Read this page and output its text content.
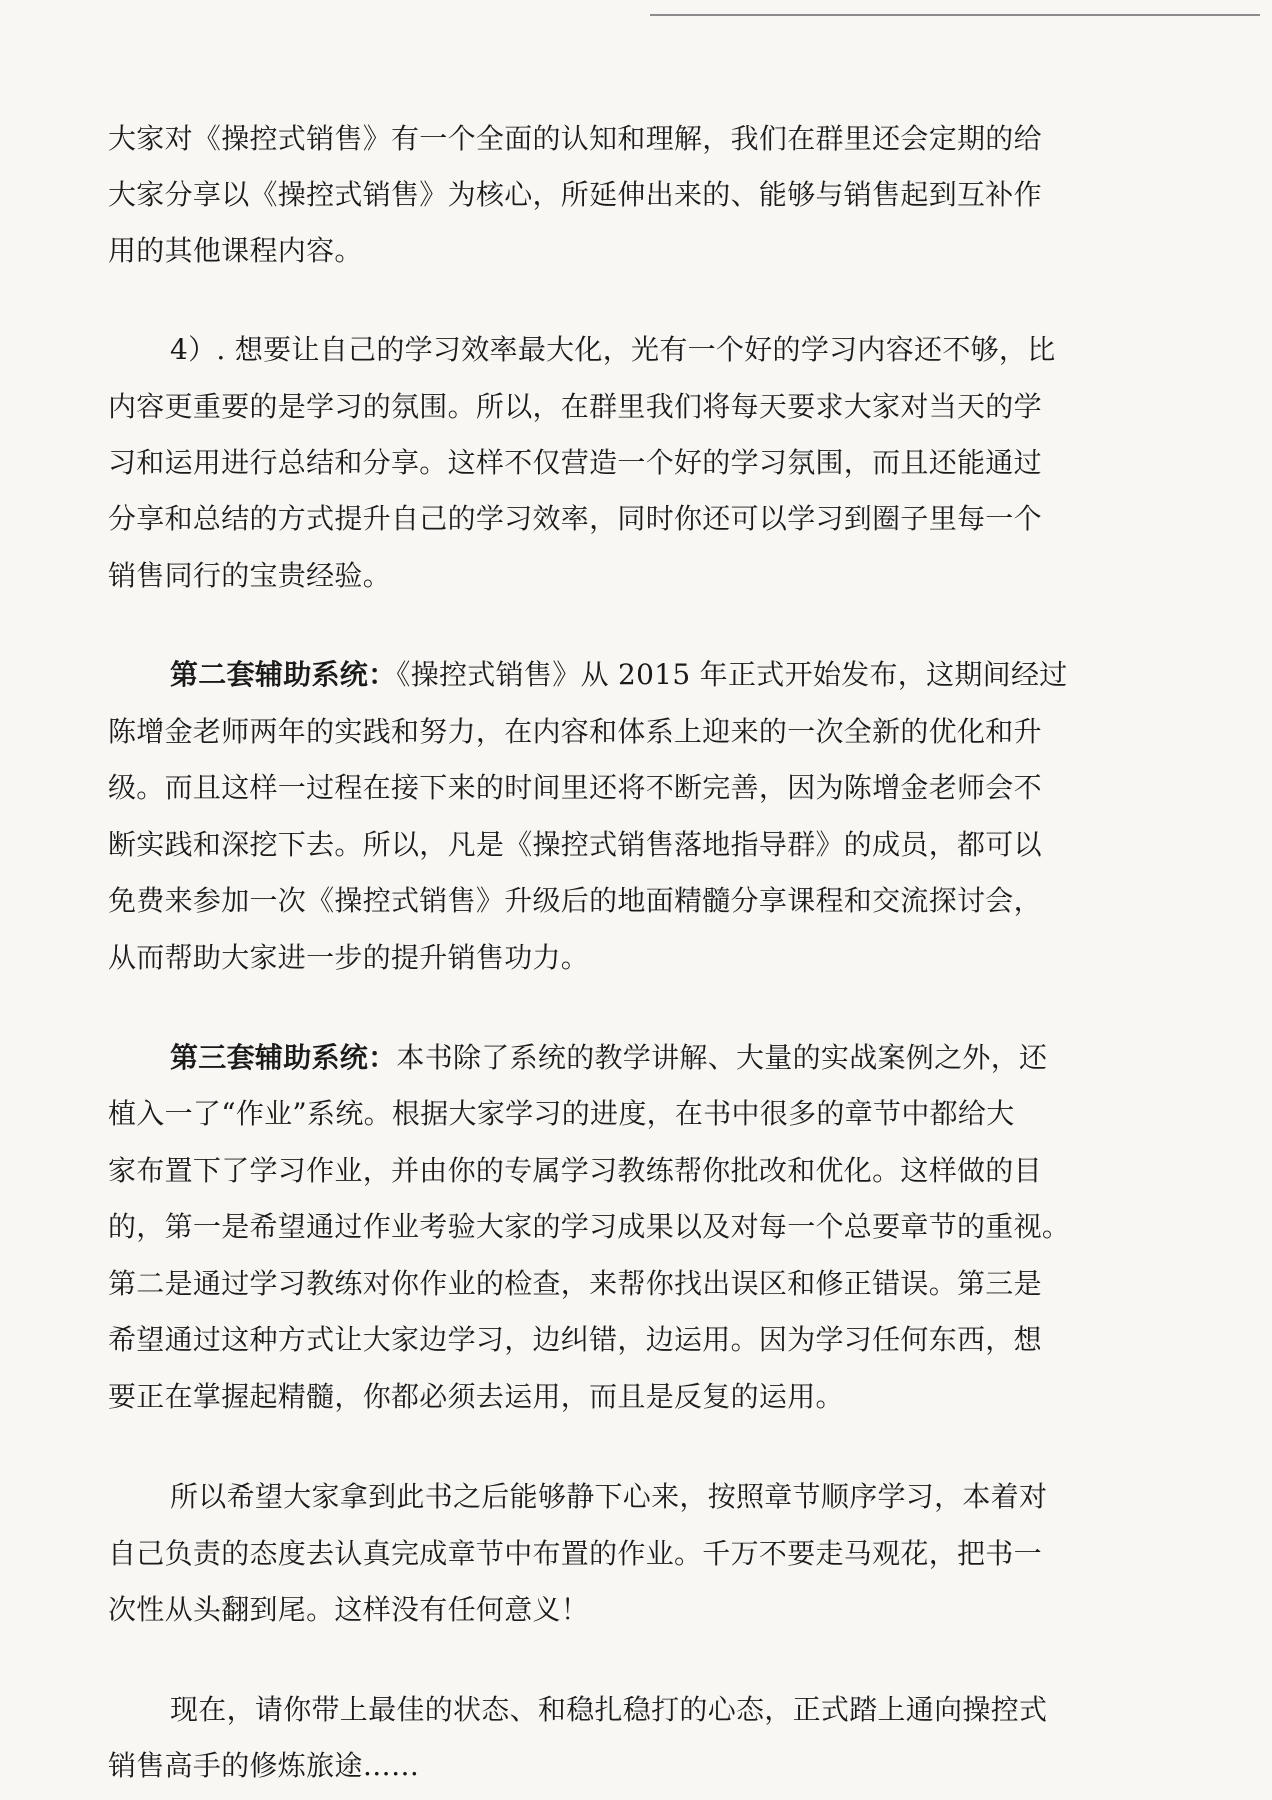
大家对《操控式销售》有一个全面的认知和理解，我们在群里还会定期的给
大家分享以《操控式销售》为核心，所延伸出来的、能够与销售起到互补作
用的其他课程内容。
4）. 想要让自己的学习效率最大化，光有一个好的学习内容还不够，比
内容更重要的是学习的氛围。所以，在群里我们将每天要求大家对当天的学
习和运用进行总结和分享。这样不仅营造一个好的学习氛围，而且还能通过
分享和总结的方式提升自己的学习效率，同时你还可以学习到圈子里每一个
销售同行的宝贵经验。
第二套辅助系统：《操控式销售》从 2015 年正式开始发布，这期间经过
陈增金老师两年的实践和努力，在内容和体系上迎来的一次全新的优化和升
级。而且这样一过程在接下来的时间里还将不断完善，因为陈增金老师会不
断实践和深挖下去。所以，凡是《操控式销售落地指导群》的成员，都可以
免费来参加一次《操控式销售》升级后的地面精髓分享课程和交流探讨会，
从而帮助大家进一步的提升销售功力。
第三套辅助系统：本书除了系统的教学讲解、大量的实战案例之外，还
植入一了“作业”系统。根据大家学习的进度，在书中很多的章节中都给大
家布置下了学习作业，并由你的专属学习教练帮你批改和优化。这样做的目
的，第一是希望通过作业考验大家的学习成果以及对每一个总要章节的重视。
第二是通过学习教练对你作业的检查，来帮你找出误区和修正错误。第三是
希望通过这种方式让大家边学习，边纠错，边运用。因为学习任何东西，想
要正在掌握起精髓，你都必须去运用，而且是反复的运用。
所以希望大家拿到此书之后能够静下心来，按照章节顺序学习，本着对
自己负责的态度去认真完成章节中布置的作业。千万不要走马观花，把书一
次性从头翻到尾。这样没有任何意义！
现在，请你带上最佳的状态、和稳扎稳打的心态，正式踏上通向操控式
销售高手的修炼旅途……
